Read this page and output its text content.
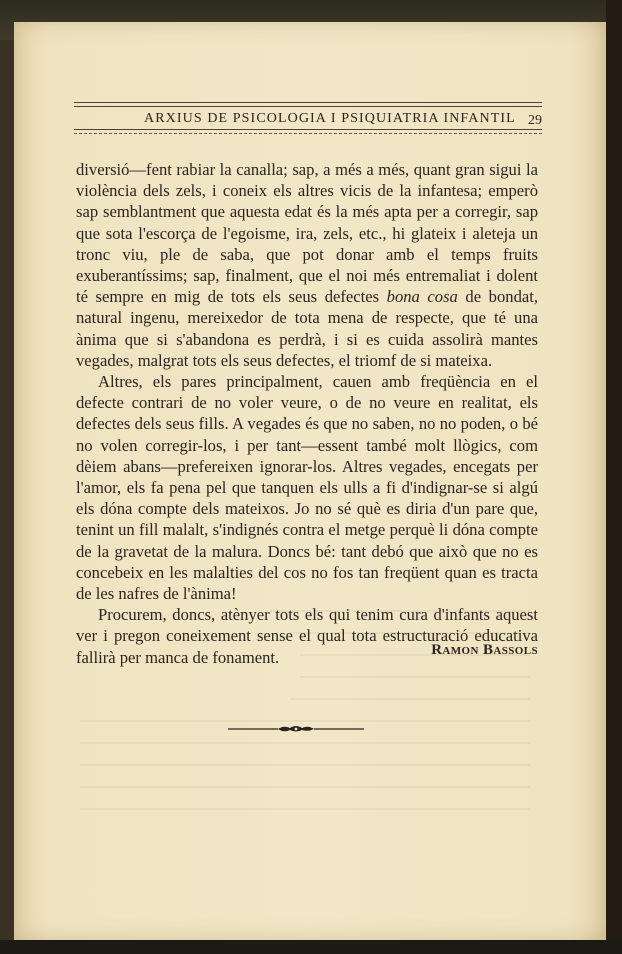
ARXIUS DE PSICOLOGIA I PSIQUIATRIA INFANTIL 29

diversió—fent rabiar la canalla; sap, a més a més, quant gran sigui la violència dels zels, i coneix els altres vicis de la infantesa; emperò sap semblantment que aquesta edat és la més apta per a corregir, sap que sota l'escorça de l'egoisme, ira, zels, etc., hi glateix i aleteja un tronc viu, ple de saba, que pot donar amb el temps fruits exuberantíssims; sap, finalment, que el noi més entremaliat i dolent té sempre en mig de tots els seus defectes bona cosa de bondat, natural ingenu, mereixedor de tota mena de respecte, que té una ànima que si s'abandona es perdrà, i si es cuida assolirà mantes vegades, malgrat tots els seus defectes, el triomf de si mateixa.

Altres, els pares principalment, cauen amb freqüència en el defecte contrari de no voler veure, o de no veure en realitat, els defectes dels seus fills. A vegades és que no saben, no no poden, o bé no volen corregir-los, i per tant—essent també molt llògics, com dèiem abans—prefereixen ignorar-los. Altres vegades, encegats per l'amor, els fa pena pel que tanquen els ulls a fi d'indignar-se si algú els dóna compte dels mateixos. Jo no sé què es diria d'un pare que, tenint un fill malalt, s'indignés contra el metge perquè li dóna compte de la gravetat de la malura. Doncs bé: tant debó que això que no es concebeix en les malalties del cos no fos tan freqüent quan es tracta de les nafres de l'ànima!

Procurem, doncs, atènyer tots els qui tenim cura d'infants aquest ver i pregon coneixement sense el qual tota estructuració educativa fallirà per manca de fonament.	Ramon Bassols
